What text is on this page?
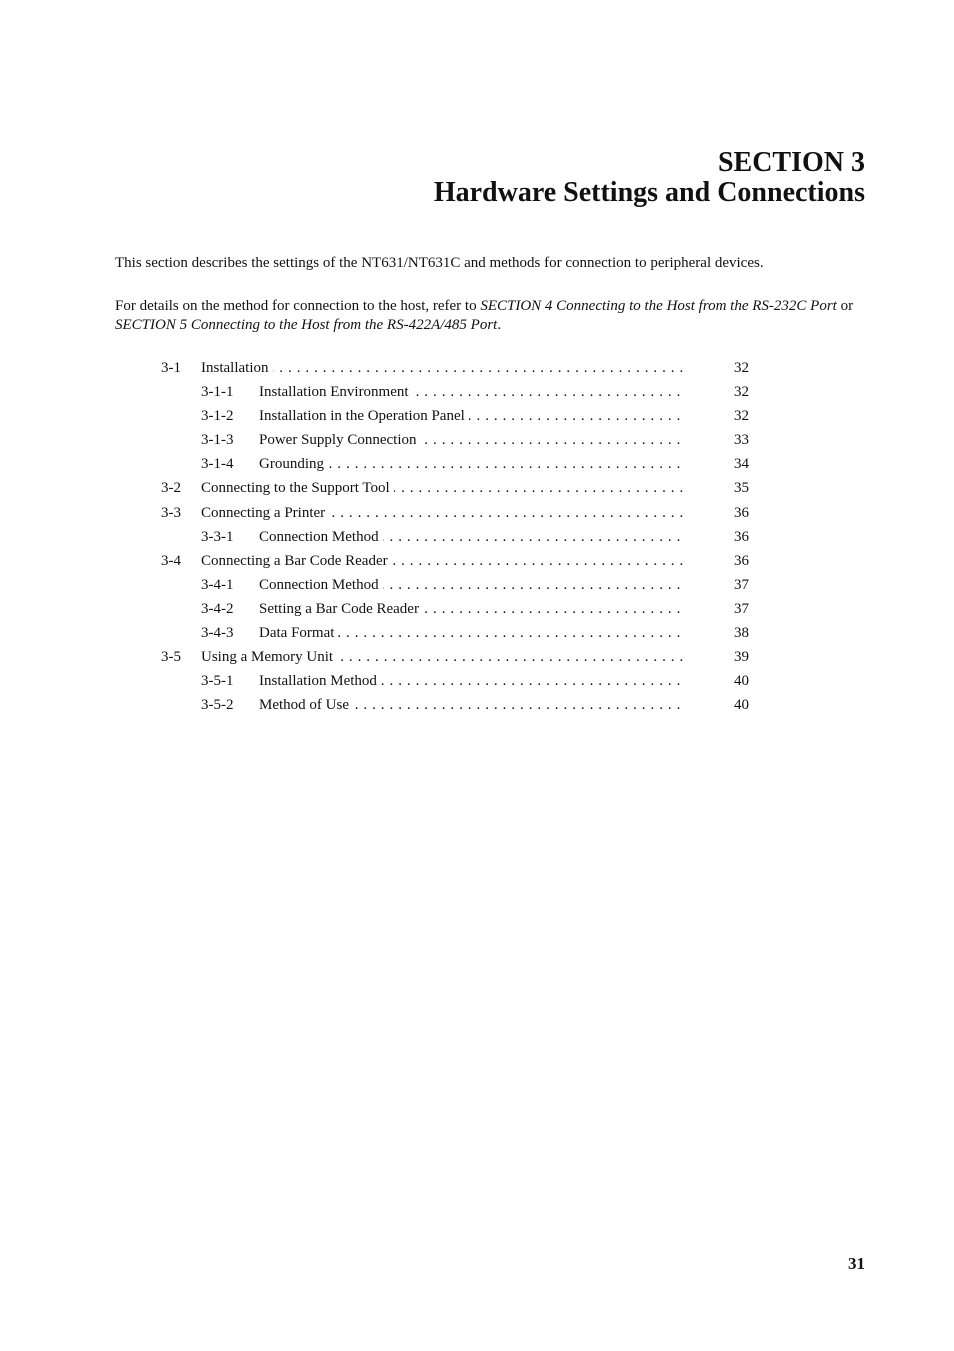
SECTION 3
Hardware Settings and Connections
This section describes the settings of the NT631/NT631C and methods for connection to peripheral devices.
For details on the method for connection to the host, refer to SECTION 4 Connecting to the Host from the RS-232C Port or SECTION 5 Connecting to the Host from the RS-422A/485 Port.
3-1 Installation . . .	32
3-1-1 Installation Environment . . .	32
3-1-2 Installation in the Operation Panel . . .	32
3-1-3 Power Supply Connection . . .	33
3-1-4 Grounding . . .	34
3-2 Connecting to the Support Tool . . .	35
3-3 Connecting a Printer . . .	36
3-3-1 Connection Method . . .	36
3-4 Connecting a Bar Code Reader . . .	36
3-4-1 Connection Method . . .	37
3-4-2 Setting a Bar Code Reader . . .	37
3-4-3 Data Format . . .	38
3-5 Using a Memory Unit . . .	39
3-5-1 Installation Method . . .	40
3-5-2 Method of Use . . .	40
31
